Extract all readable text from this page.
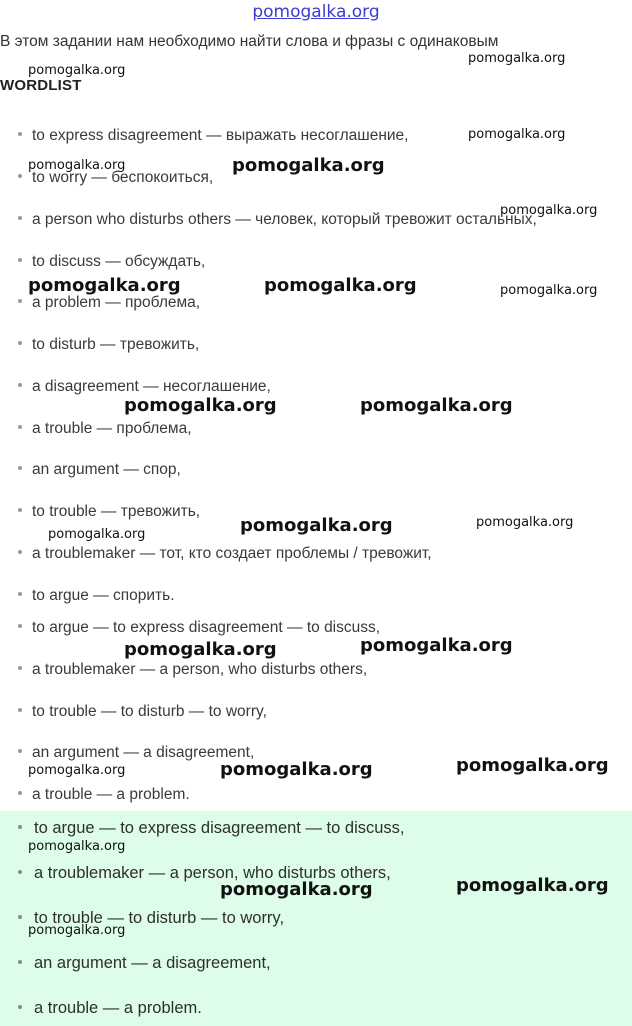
pomogalka.org
В этом задании нам необходимо найти слова и фразы с одинаковым
WORDLIST
to express disagreement — выражать несоглашение,
to worry — беспокоиться,
a person who disturbs others — человек, который тревожит остальных,
to discuss — обсуждать,
a problem — проблема,
to disturb — тревожить,
a disagreement — несоглашение,
a trouble — проблема,
an argument — спор,
to trouble — тревожить,
a troublemaker — тот, кто создает проблемы / тревожит,
to argue — спорить.
to argue — to express disagreement — to discuss,
a troublemaker — a person, who disturbs others,
to trouble — to disturb — to worry,
an argument — a disagreement,
a trouble — a problem.
to argue — to express disagreement — to discuss,
a troublemaker — a person, who disturbs others,
to trouble — to disturb — to worry,
an argument — a disagreement,
a trouble — a problem.
pomogalka.org
pomogalka.org
pomogalka.org
pomogalka.org	pomogalka.org
pomogalka.org
pomogalka.org	pomogalka.org	pomogalka.org
pomogalka.org	pomogalka.org
pomogalka.org	pomogalka.org
pomogalka.org
pomogalka.org	pomogalka.org
pomogalka.org	pomogalka.org	pomogalka.org
pomogalka.org
pomogalka.org	pomogalka.org
pomogalka.org
